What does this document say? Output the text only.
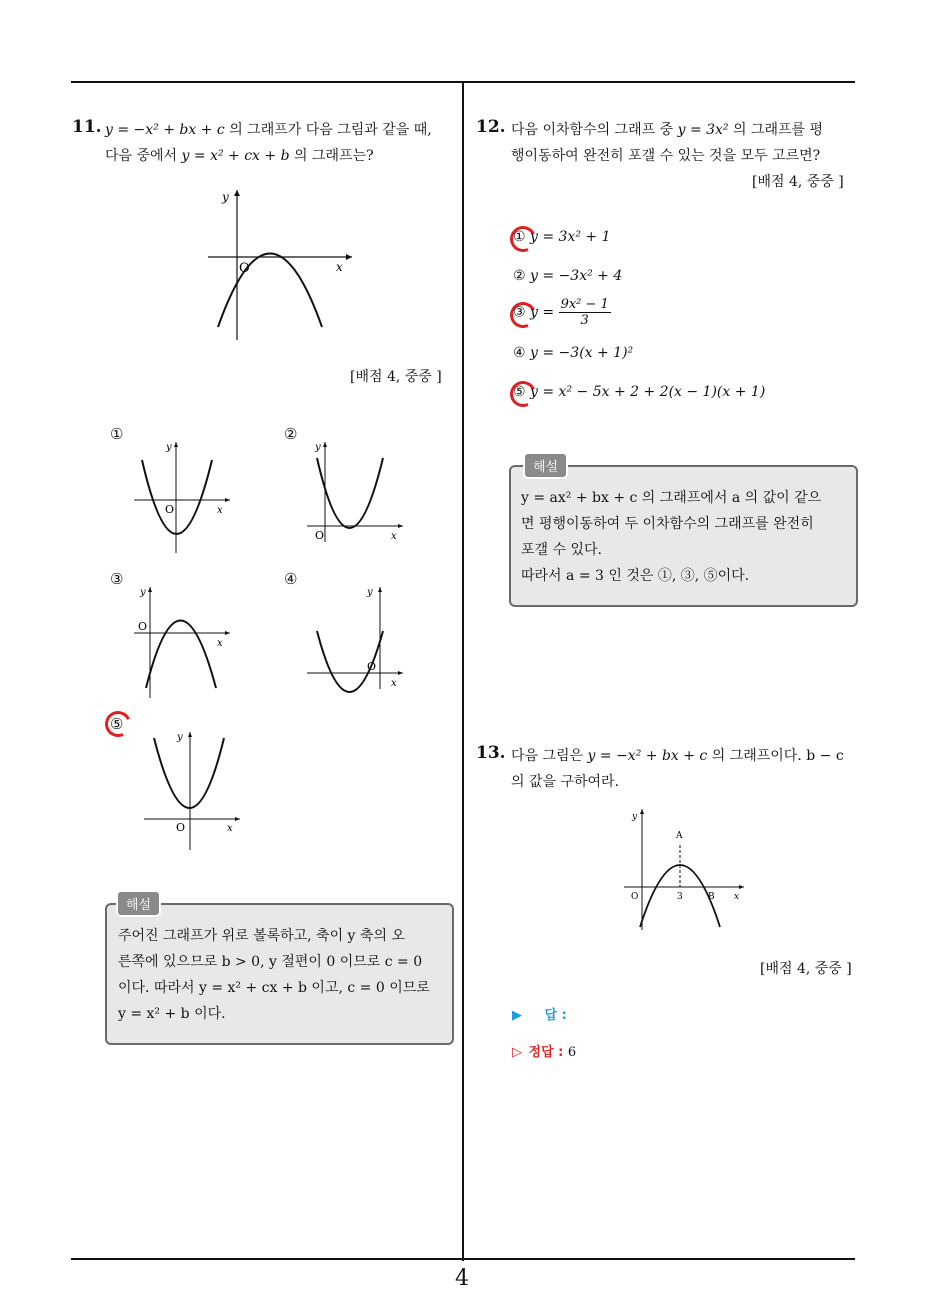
4
11. y = −x² + bx + c 의 그래프가 다음 그림과 같을 때,
다음 중에서 y = x² + cx + b 의 그래프는?
y
x
O
[배점 4, 중중 ]
①
y
x
O
②
y
x
O
③
y
x
O
④
y
x
O
⑤
y
x
O
해설
주어진 그래프가 위로 볼록하고, 축이 y 축의 오
른쪽에 있으므로 b > 0, y 절편이 0 이므로 c = 0
이다. 따라서 y = x² + cx + b 이고, c = 0 이므로
y = x² + b 이다.
12. 다음 이차함수의 그래프 중 y = 3x² 의 그래프를 평
행이동하여 완전히 포갤 수 있는 것을 모두 고르면?
[배점 4, 중중 ]
① y = 3x² + 1
② y = −3x² + 4
③ $y = \frac{\text{9x² − 1}}{3}$
④ y = −3(x + 1)²
⑤ y = x² − 5x + 2 + 2(x − 1)(x + 1)
해설
y = ax² + bx + c 의 그래프에서 a 의 값이 같으
면 평행이동하여 두 이차함수의 그래프를 완전히
포갤 수 있다.
따라서 a = 3 인 것은 ①, ③, ⑤이다.
13. 다음 그림은 y = −x² + bx + c 의 그래프이다. b − c
의 값을 구하여라.
y
x
O
A
3	B
[배점 4, 중중 ]
▶ 답 :
▷ 정답 : 6
